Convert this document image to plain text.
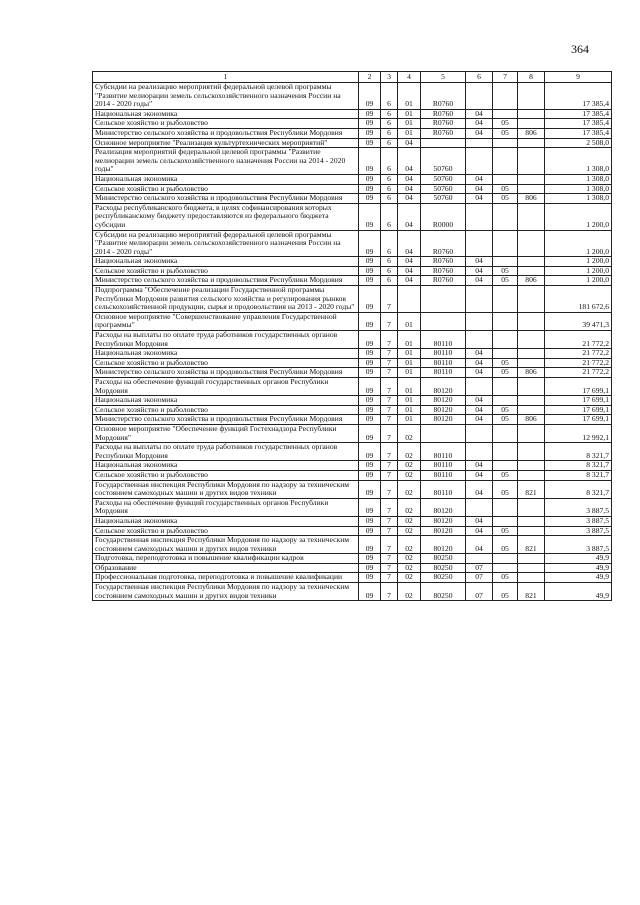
364
1	2	3	4	5	6	7	8	9
Субсидии на реализацию мероприятий федеральной целевой программы "Развитие мелиорации земель сельскохозяйственного назначения России на 2014 - 2020 годы"	09	6	01	R0760				17 385,4
Национальная экономика	09	6	01	R0760	04			17 385,4
Сельское хозяйство и рыболовство	09	6	01	R0760	04	05		17 385,4
Министерство сельского хозяйства и продовольствия Республики Мордовия	09	6	01	R0760	04	05	806	17 385,4
Основное мероприятие "Реализация культуртехнических мероприятий"	09	6	04					2 508,0
Реализация мероприятий федеральной целевой программы "Развитие мелиорации земель сельскохозяйственного назначения России на 2014 - 2020 годы"	09	6	04	50760				1 308,0
Национальная экономика	09	6	04	50760	04			1 308,0
Сельское хозяйство и рыболовство	09	6	04	50760	04	05		1 308,0
Министерство сельского хозяйства и продовольствия Республики Мордовия	09	6	04	50760	04	05	806	1 308,0
Расходы республиканского бюджета, в целях софинансирования которых республиканскому бюджету предоставляются из федерального бюджета субсидии	09	6	04	R0000				1 200,0
Субсидии на реализацию мероприятий федеральной целевой программы "Развитие мелиорации земель сельскохозяйственного назначения России на 2014 - 2020 годы"	09	6	04	R0760				1 200,0
Национальная экономика	09	6	04	R0760	04			1 200,0
Сельское хозяйство и рыболовство	09	6	04	R0760	04	05		1 200,0
Министерство сельского хозяйства и продовольствия Республики Мордовия	09	6	04	R0760	04	05	806	1 200,0
Подпрограмма "Обеспечение реализации Государственной программы Республики Мордовия развития сельского хозяйства и регулирования рынков сельскохозяйственной продукции, сырья и продовольствия на 2013 - 2020 годы"	09	7						181 672,6
Основное мероприятие "Совершенствование управления Государственной программы"	09	7	01					39 471,3
Расходы на выплаты по оплате труда работников государственных органов Республики Мордовия	09	7	01	80110				21 772,2
Национальная экономика	09	7	01	80110	04			21 772,2
Сельское хозяйство и рыболовство	09	7	01	80110	04	05		21 772,2
Министерство сельского хозяйства и продовольствия Республики Мордовия	09	7	01	80110	04	05	806	21 772,2
Расходы на обеспечение функций государственных органов Республики Мордовия	09	7	01	80120				17 699,1
Национальная экономика	09	7	01	80120	04			17 699,1
Сельское хозяйство и рыболовство	09	7	01	80120	04	05		17 699,1
Министерство сельского хозяйства и продовольствия Республики Мордовия	09	7	01	80120	04	05	806	17 699,1
Основное мероприятие "Обеспечение функций Гостехнадзора Республики Мордовия"	09	7	02					12 992,1
Расходы на выплаты по оплате труда работников государственных органов Республики Мордовия	09	7	02	80110				8 321,7
Национальная экономика	09	7	02	80110	04			8 321,7
Сельское хозяйство и рыболовство	09	7	02	80110	04	05		8 321,7
Государственная инспекция Республики Мордовия по надзору за техническим состоянием самоходных машин и других видов техники	09	7	02	80110	04	05	821	8 321,7
Расходы на обеспечение функций государственных органов Республики Мордовия	09	7	02	80120				3 887,5
Национальная экономика	09	7	02	80120	04			3 887,5
Сельское хозяйство и рыболовство	09	7	02	80120	04	05		3 887,5
Государственная инспекция Республики Мордовия по надзору за техническим состоянием самоходных машин и других видов техники	09	7	02	80120	04	05	821	3 887,5
Подготовка, переподготовка и повышение квалификации кадров	09	7	02	80250				49,9
Образование	09	7	02	80250	07			49,9
Профессиональная подготовка, переподготовка и повышение квалификации	09	7	02	80250	07	05		49,9
Государственная инспекция Республики Мордовия по надзору за техническим состоянием самоходных машин и других видов техники	09	7	02	80250	07	05	821	49,9
